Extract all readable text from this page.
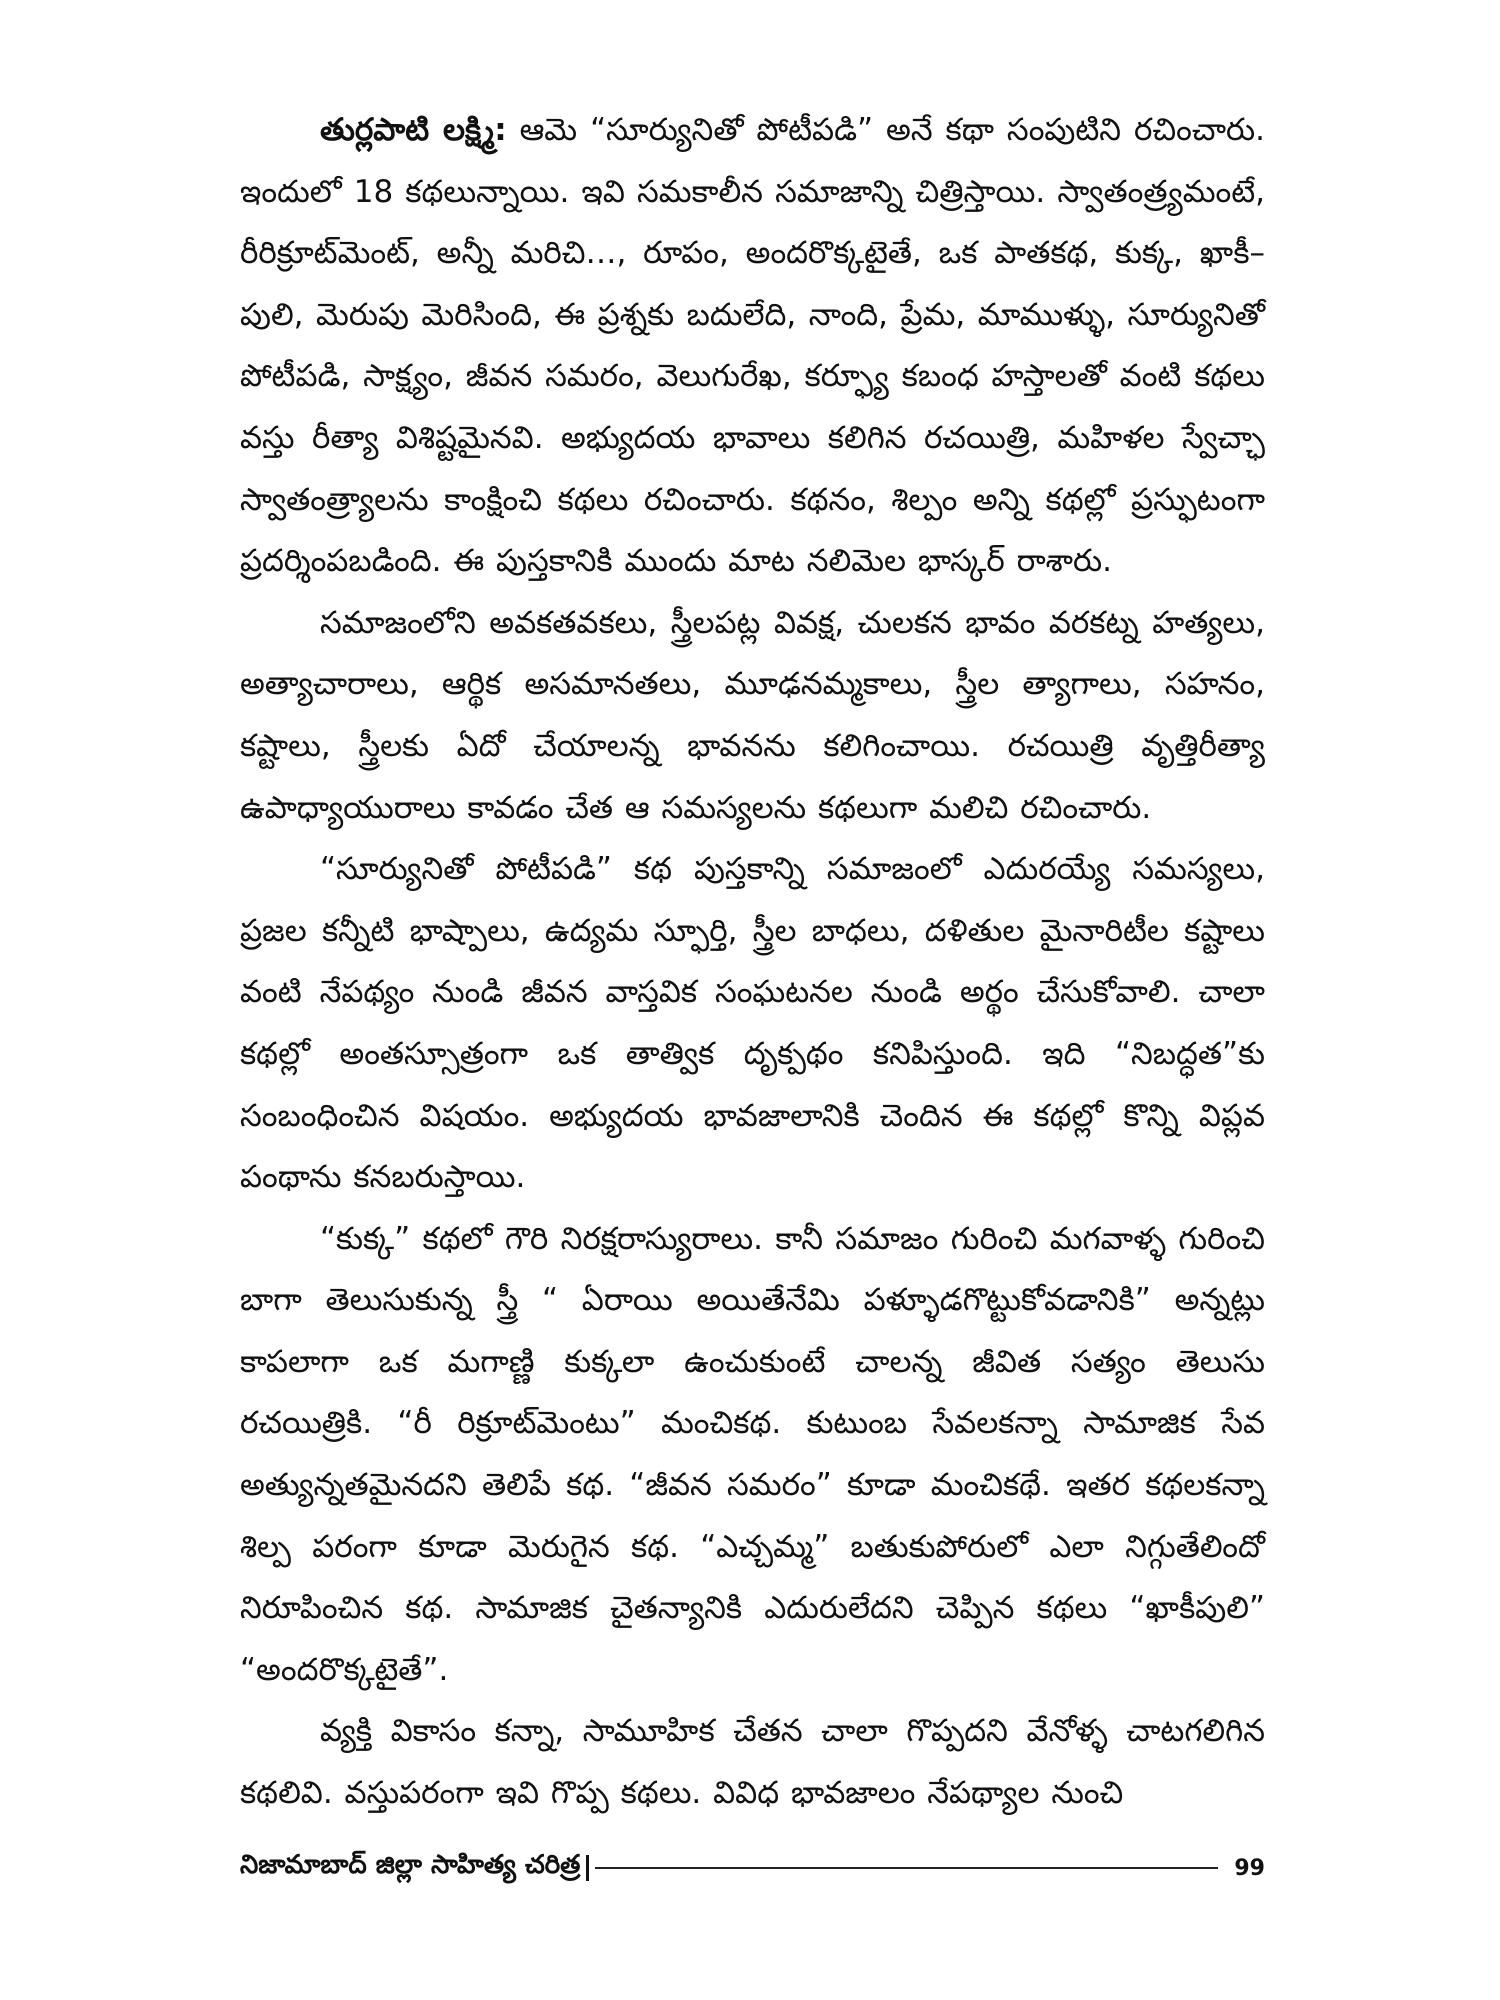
తుర్లపాటి లక్ష్మి: ఆమె “సూర్యునితో పోటీపడి” అనే కథా సంపుటిని రచించారు. ఇందులో 18 కథలున్నాయి. ఇవి సమకాలీన సమాజాన్ని చిత్రిస్తాయి. స్వాతంత్ర్యమంటే, రీరిక్రూట్‌మెంట్, అన్నీ మరిచి…, రూపం, అందరొక్కటైతే, ఒక పాతకథ, కుక్క, ఖాకీ–పులి, మెరుపు మెరిసింది, ఈ ప్రశ్నకు బదులేది, నాంది, ప్రేమ, మాముళ్ళు, సూర్యునితో పోటీపడి, సాక్ష్యం, జీవన సమరం, వెలుగురేఖ, కర్ఫ్యూ కబంధ హస్తాలతో వంటి కథలు వస్తు రీత్యా విశిష్టమైనవి. అభ్యుదయ భావాలు కలిగిన రచయిత్రి, మహిళల స్వేచ్ఛా స్వాతంత్ర్యాలను కాంక్షించి కథలు రచించారు. కథనం, శిల్పం అన్ని కథల్లో ప్రస్ఫుటంగా ప్రదర్శింపబడింది. ఈ పుస్తకానికి ముందు మాట నలిమెల భాస్కర్ రాశారు.

సమాజంలోని అవకతవకలు, స్త్రీలపట్ల వివక్ష, చులకన భావం వరకట్న హత్యలు, అత్యాచారాలు, ఆర్థిక అసమానతలు, మూఢనమ్మకాలు, స్త్రీల త్యాగాలు, సహనం, కష్టాలు, స్త్రీలకు ఏదో చేయాలన్న భావనను కలిగించాయి. రచయిత్రి వృత్తిరీత్యా ఉపాధ్యాయురాలు కావడం చేత ఆ సమస్యలను కథలుగా మలిచి రచించారు.

“సూర్యునితో పోటీపడి” కథ పుస్తకాన్ని సమాజంలో ఎదురయ్యే సమస్యలు, ప్రజల కన్నీటి భాష్పాలు, ఉద్యమ స్ఫూర్తి, స్త్రీల బాధలు, దళితుల మైనారిటీల కష్టాలు వంటి నేపథ్యం నుండి జీవన వాస్తవిక సంఘటనల నుండి అర్థం చేసుకోవాలి. చాలా కథల్లో అంతస్సూత్రంగా ఒక తాత్విక దృక్పథం కనిపిస్తుంది. ఇది “నిబద్ధత”కు సంబంధించిన విషయం. అభ్యుదయ భావజాలానికి చెందిన ఈ కథల్లో కొన్ని విప్లవ పంథాను కనబరుస్తాయి.

“కుక్క” కథలో గౌరి నిరక్షరాస్యురాలు. కానీ సమాజం గురించి మగవాళ్ళ గురించి బాగా తెలుసుకున్న స్త్రీ “ ఏరాయి అయితేనేమి పళ్ళూడగొట్టుకోవడానికి” అన్నట్లు కాపలాగా ఒక మగాణ్ణి కుక్కలా ఉంచుకుంటే చాలన్న జీవిత సత్యం తెలుసు రచయిత్రికి. “రీ రిక్రూట్‌మెంటు” మంచికథ. కుటుంబ సేవలకన్నా సామాజిక సేవ అత్యున్నతమైనదని తెలిపే కథ. “జీవన సమరం” కూడా మంచికథే. ఇతర కథలకన్నా శిల్ప పరంగా కూడా మెరుగైన కథ. “ఎచ్చమ్మ” బతుకుపోరులో ఎలా నిగ్గుతేలిందో నిరూపించిన కథ. సామాజిక చైతన్యానికి ఎదురులేదని చెప్పిన కథలు “ఖాకీపులి” “అందరొక్కటైతే”.

వ్యక్తి వికాసం కన్నా, సామూహిక చేతన చాలా గొప్పదని వేనోళ్ళ చాటగలిగిన కథలివి. వస్తుపరంగా ఇవి గొప్ప కథలు. వివిధ భావజాలం నేపథ్యాల నుంచి

నిజామాబాద్ జిల్లా సాహిత్య చరిత్ర	99
